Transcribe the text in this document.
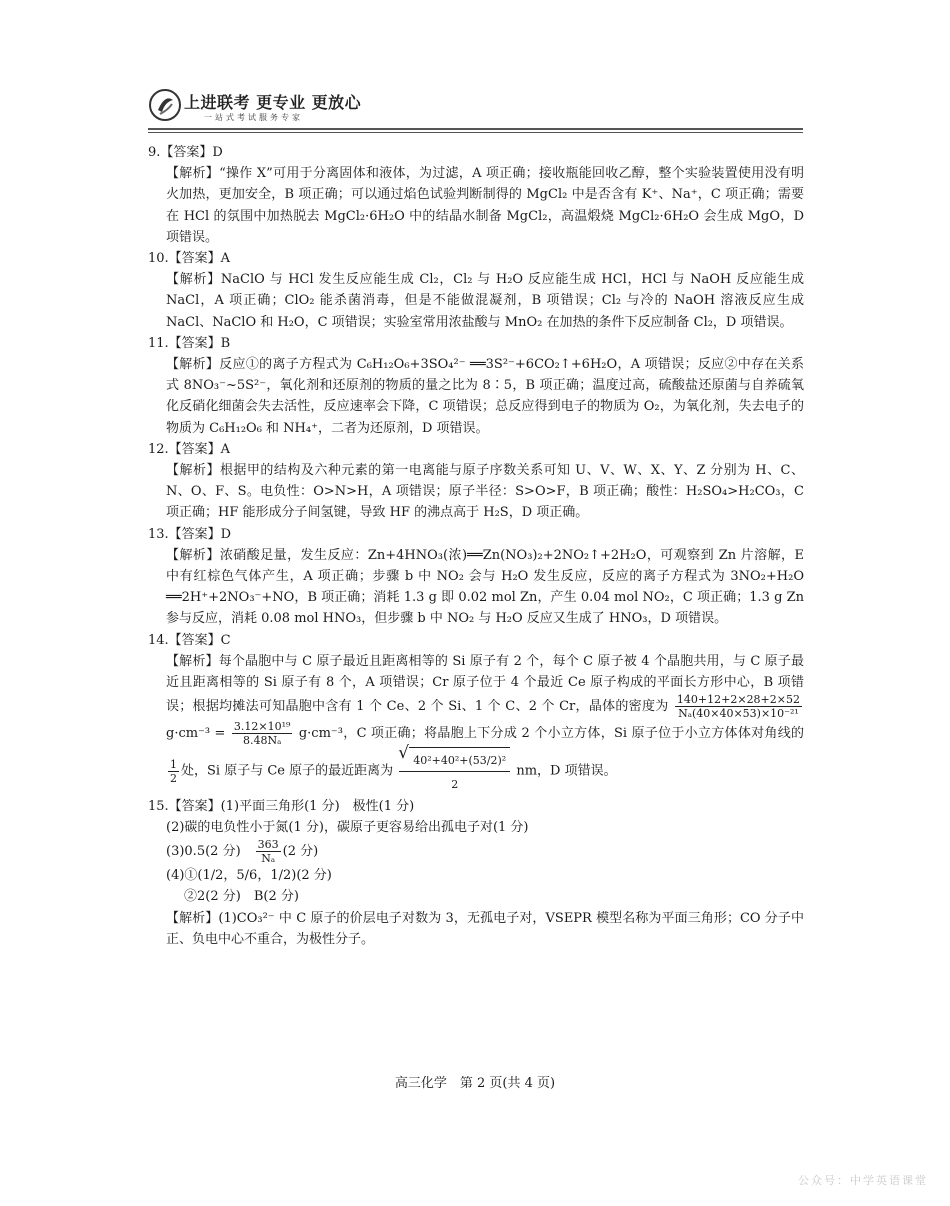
上进联考 更专业 更放心
一站式考试服务专家
9.【答案】D
【解析】“操作 X”可用于分离固体和液体，为过滤，A 项正确；接收瓶能回收乙醇，整个实验装置使用没有明火加热，更加安全，B 项正确；可以通过焰色试验判断制得的 MgCl₂ 中是否含有 K⁺、Na⁺，C 项正确；需要在 HCl 的氛围中加热脱去 MgCl₂·6H₂O 中的结晶水制备 MgCl₂，高温煅烧 MgCl₂·6H₂O 会生成 MgO，D 项错误。
10.【答案】A
【解析】NaClO 与 HCl 发生反应能生成 Cl₂，Cl₂ 与 H₂O 反应能生成 HCl，HCl 与 NaOH 反应能生成 NaCl，A 项正确；ClO₂ 能杀菌消毒，但是不能做混凝剂，B 项错误；Cl₂ 与冷的 NaOH 溶液反应生成 NaCl、NaClO 和 H₂O，C 项错误；实验室常用浓盐酸与 MnO₂ 在加热的条件下反应制备 Cl₂，D 项错误。
11.【答案】B
【解析】反应①的离子方程式为 C₆H₁₂O₆+3SO₄²⁻ ══3S²⁻+6CO₂↑+6H₂O，A 项错误；反应②中存在关系式 8NO₃⁻~5S²⁻，氧化剂和还原剂的物质的量之比为 8∶5，B 项正确；温度过高，硫酸盐还原菌与自养硫氧化反硝化细菌会失去活性，反应速率会下降，C 项错误；总反应得到电子的物质为 O₂，为氧化剂，失去电子的物质为 C₆H₁₂O₆ 和 NH₄⁺，二者为还原剂，D 项错误。
12.【答案】A
【解析】根据甲的结构及六种元素的第一电离能与原子序数关系可知 U、V、W、X、Y、Z 分别为 H、C、N、O、F、S。电负性：O>N>H，A 项错误；原子半径：S>O>F，B 项正确；酸性：H₂SO₄>H₂CO₃，C 项正确；HF 能形成分子间氢键，导致 HF 的沸点高于 H₂S，D 项正确。
13.【答案】D
【解析】浓硝酸足量，发生反应：Zn+4HNO₃(浓)══Zn(NO₃)₂+2NO₂↑+2H₂O，可观察到 Zn 片溶解，E 中有红棕色气体产生，A 项正确；步骤 b 中 NO₂ 会与 H₂O 发生反应，反应的离子方程式为 3NO₂+H₂O ══2H⁺+2NO₃⁻+NO，B 项正确；消耗 1.3 g 即 0.02 mol Zn，产生 0.04 mol NO₂，C 项正确；1.3 g Zn 参与反应，消耗 0.08 mol HNO₃，但步骤 b 中 NO₂ 与 H₂O 反应又生成了 HNO₃，D 项错误。
14.【答案】C
【解析】每个晶胞中与 C 原子最近且距离相等的 Si 原子有 2 个，每个 C 原子被 4 个晶胞共用，与 C 原子最近且距离相等的 Si 原子有 8 个，A 项错误；Cr 原子位于 4 个最近 Ce 原子构成的平面长方形中心，B 项错误；根据均摊法可知晶胞中含有 1 个 Ce、2 个 Si、1 个 C、2 个 Cr，晶体的密度为 $\frac{140+12+2\times 28+2\times 52}{\text{Nₐ(40×40×53)×10⁻²¹}}$
$g\cdot cm^{-3} = \frac{\text{3.12×10¹⁹}}{\text{8.48Nₐ}} g\cdot cm^{-3}$，C 项正确；将晶胞上下分成 2 个小立方体，Si 原子位于小立方体体对角线的
$\frac{1}{2}$ 处，Si 原子与 Ce 原子的最近距离为 √ $\frac{\text{40²+40²+(53/2)²}}{2}$ nm，D 项错误。
15.【答案】(1)平面三角形(1 分)　极性(1 分)
(2)碳的电负性小于氮(1 分)，碳原子更容易给出孤电子对(1 分)
(3)0.5(2 分)　 $\frac{363}{\text{Nₐ}} (2$ 分)
(4)①(1/2，5/6，1/2)(2 分)
②2(2 分)　B(2 分)
【解析】(1)CO₃²⁻ 中 C 原子的价层电子对数为 3，无孤电子对，VSEPR 模型名称为平面三角形；CO 分子中正、负电中心不重合，为极性分子。
高三化学　第 2 页(共 4 页)
公众号：中学英语课堂
